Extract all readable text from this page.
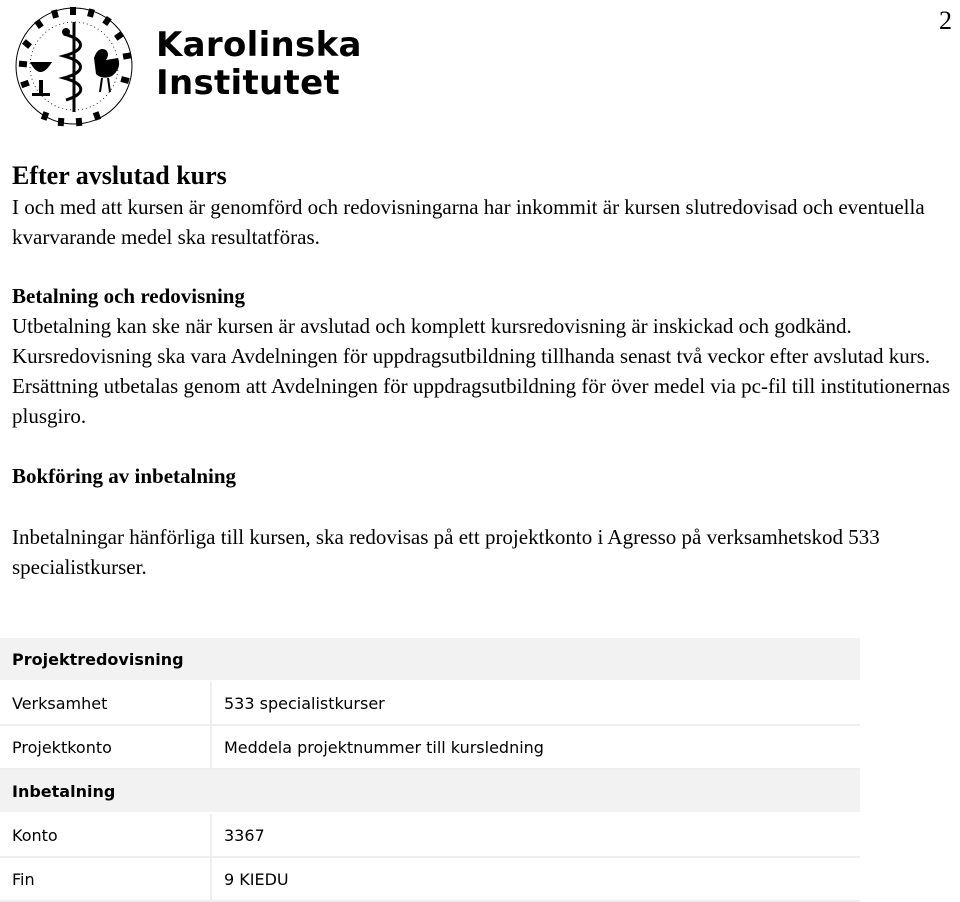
2
Karolinska
Institutet
Efter avslutad kurs

I och med att kursen är genomförd och redovisningarna har inkommit är kursen slutredovisad och eventuella kvarvarande medel ska resultatföras.

Betalning och redovisning

Utbetalning kan ske när kursen är avslutad och komplett kursredovisning är inskickad och godkänd. Kursredovisning ska vara Avdelningen för uppdragsutbildning tillhanda senast två veckor efter avslutad kurs. Ersättning utbetalas genom att Avdelningen för uppdragsutbildning för över medel via pc-fil till institutionernas plusgiro.

Bokföring av inbetalning

Inbetalningar hänförliga till kursen, ska redovisas på ett projektkonto i Agresso på verksamhetskod 533 specialistkurser.

Projektredovisning	
Verksamhet	533 specialistkurser
Projektkonto	Meddela projektnummer till kursledning
Inbetalning	
Konto	3367
Fin	9 KIEDU
